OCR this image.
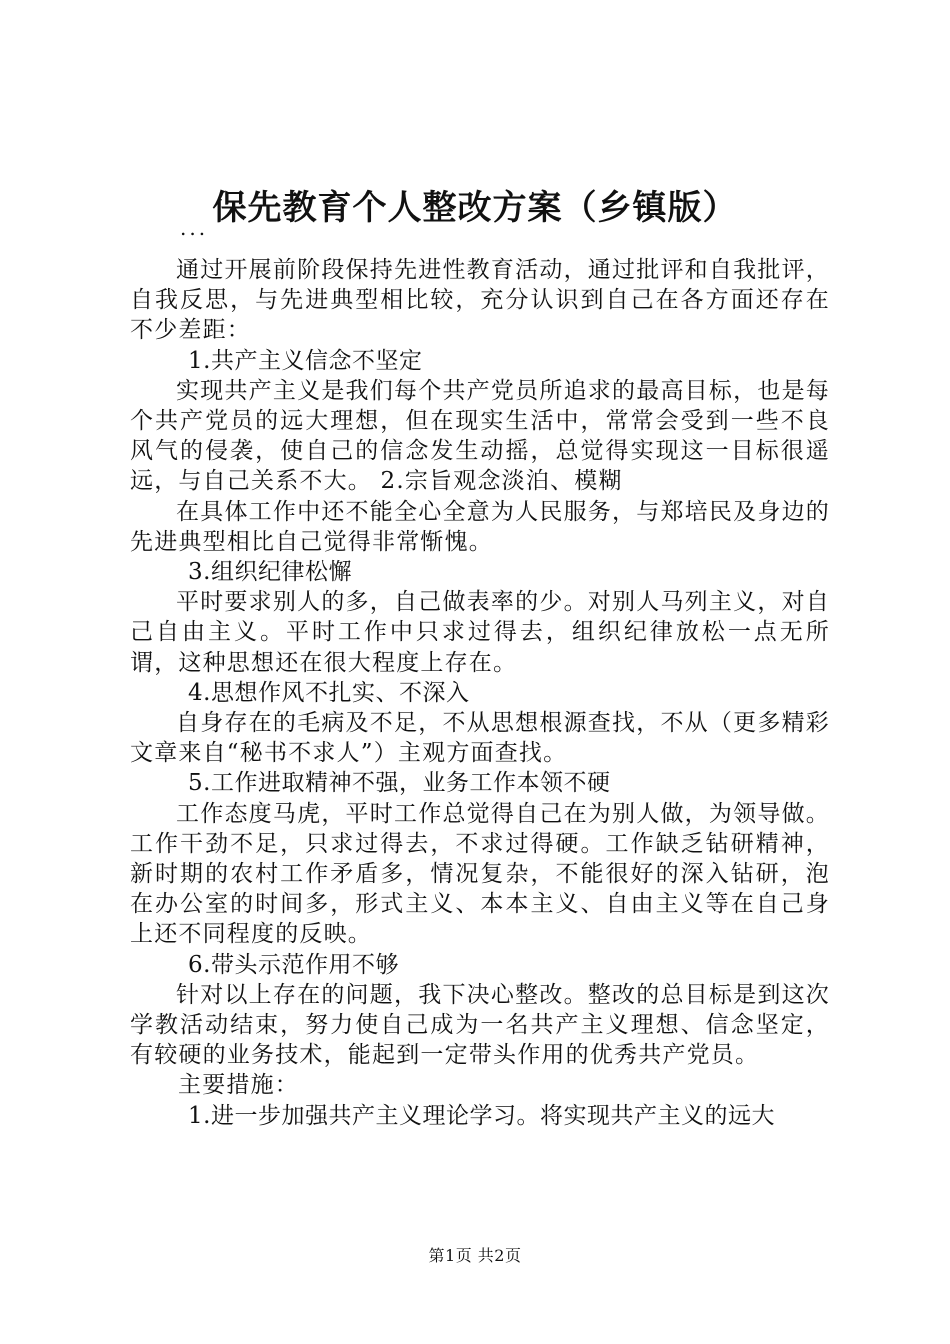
保先教育个人整改方案（乡镇版）
...

通过开展前阶段保持先进性教育活动，通过批评和自我批评，自我反思，与先进典型相比较，充分认识到自己在各方面还存在不少差距：

1.共产主义信念不坚定

实现共产主义是我们每个共产党员所追求的最高目标，也是每个共产党员的远大理想，但在现实生活中，常常会受到一些不良风气的侵袭，使自己的信念发生动摇，总觉得实现这一目标很遥远，与自己关系不大。 2.宗旨观念淡泊、模糊

在具体工作中还不能全心全意为人民服务，与郑培民及身边的先进典型相比自己觉得非常惭愧。

3.组织纪律松懈

平时要求别人的多，自己做表率的少。对别人马列主义，对自己自由主义。平时工作中只求过得去，组织纪律放松一点无所谓，这种思想还在很大程度上存在。

4.思想作风不扎实、不深入

自身存在的毛病及不足，不从思想根源查找，不从（更多精彩文章来自“秘书不求人”）主观方面查找。

5.工作进取精神不强，业务工作本领不硬

工作态度马虎，平时工作总觉得自己在为别人做，为领导做。工作干劲不足，只求过得去，不求过得硬。工作缺乏钻研精神，新时期的农村工作矛盾多，情况复杂，不能很好的深入钻研，泡在办公室的时间多，形式主义、本本主义、自由主义等在自己身上还不同程度的反映。

6.带头示范作用不够

针对以上存在的问题，我下决心整改。整改的总目标是到这次学教活动结束，努力使自己成为一名共产主义理想、信念坚定，有较硬的业务技术，能起到一定带头作用的优秀共产党员。

主要措施：

1.进一步加强共产主义理论学习。将实现共产主义的远大

第1页 共2页
